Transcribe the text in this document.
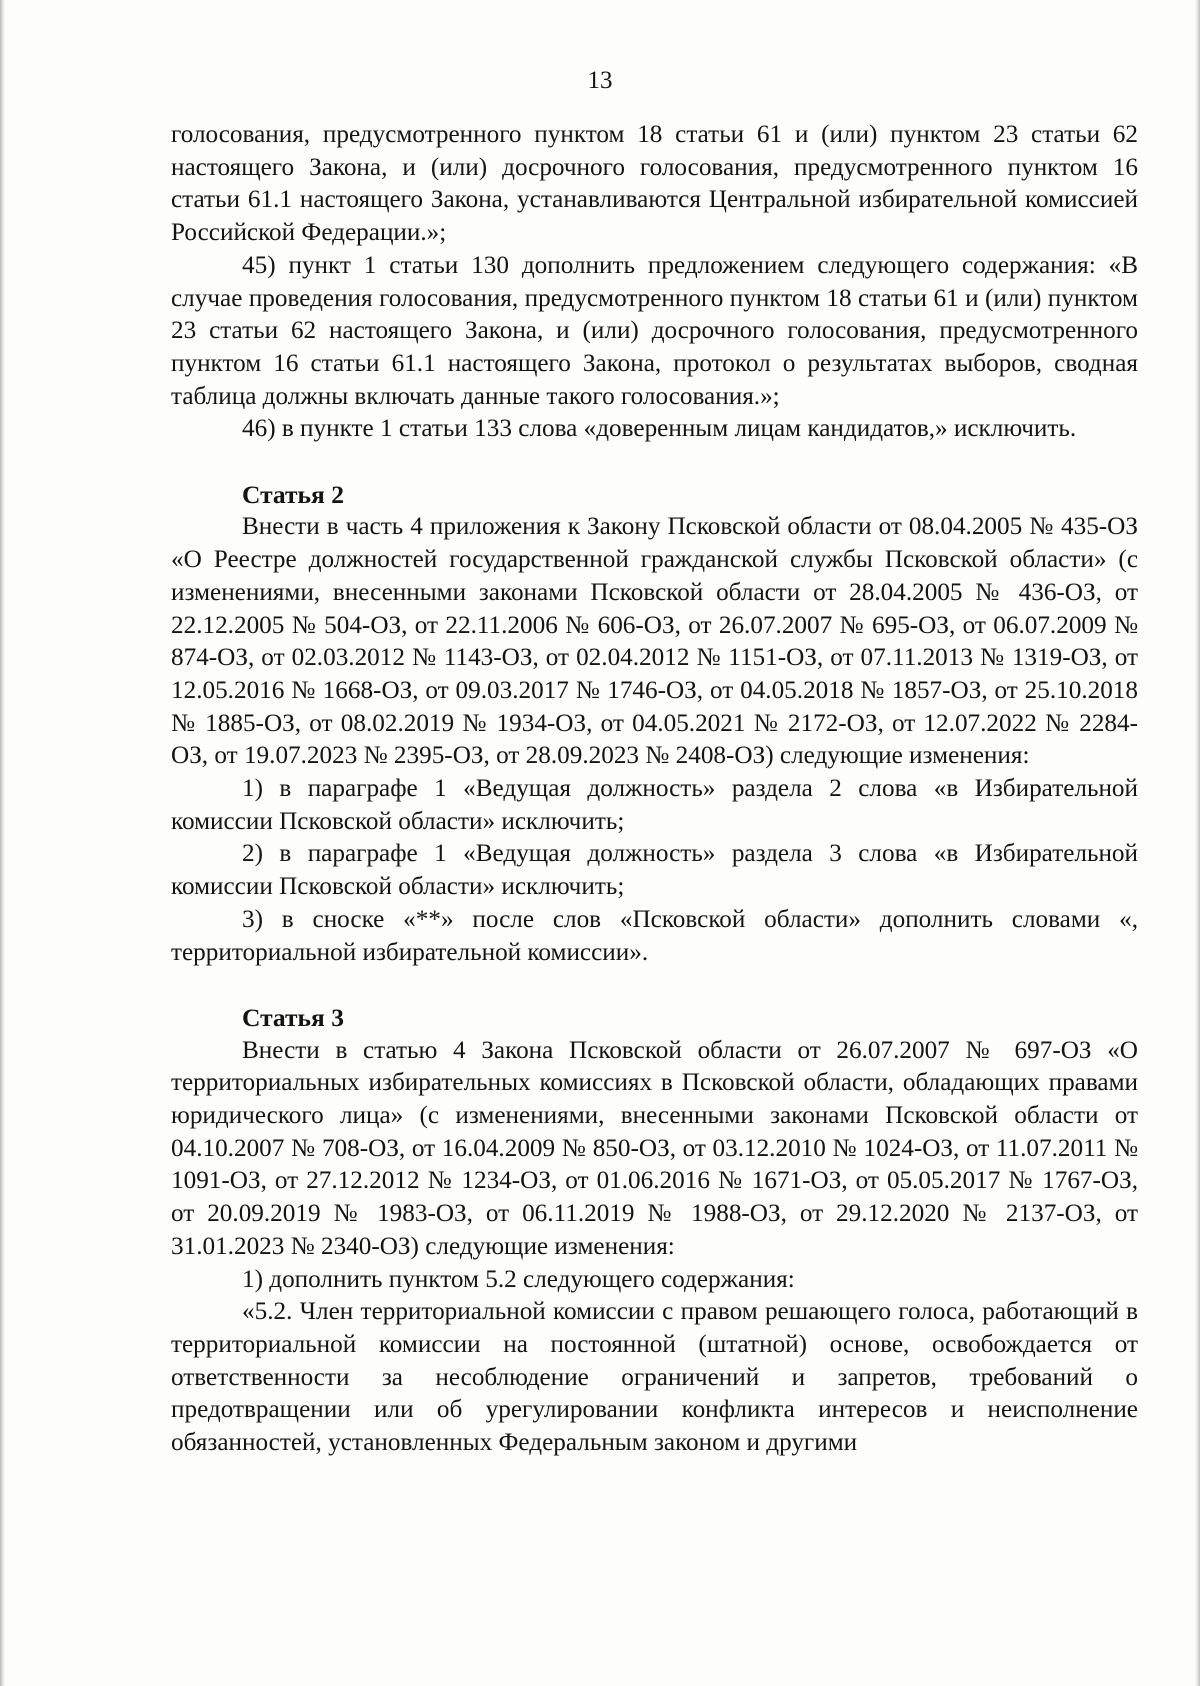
13

голосования, предусмотренного пунктом 18 статьи 61 и (или) пунктом 23 статьи 62 настоящего Закона, и (или) досрочного голосования, предусмотренного пунктом 16 статьи 61.1 настоящего Закона, устанавливаются Центральной избирательной комиссией Российской Федерации.»;

45) пункт 1 статьи 130 дополнить предложением следующего содержания: «В случае проведения голосования, предусмотренного пунктом 18 статьи 61 и (или) пунктом 23 статьи 62 настоящего Закона, и (или) досрочного голосования, предусмотренного пунктом 16 статьи 61.1 настоящего Закона, протокол о результатах выборов, сводная таблица должны включать данные такого голосования.»;

46) в пункте 1 статьи 133 слова «доверенным лицам кандидатов,» исключить.

Статья 2

Внести в часть 4 приложения к Закону Псковской области от 08.04.2005 № 435-ОЗ «О Реестре должностей государственной гражданской службы Псковской области» (с изменениями, внесенными законами Псковской области от 28.04.2005 № 436-ОЗ, от 22.12.2005 № 504-ОЗ, от 22.11.2006 № 606-ОЗ, от 26.07.2007 № 695-ОЗ, от 06.07.2009 № 874-ОЗ, от 02.03.2012 № 1143-ОЗ, от 02.04.2012 № 1151-ОЗ, от 07.11.2013 № 1319-ОЗ, от 12.05.2016 № 1668-ОЗ, от 09.03.2017 № 1746-ОЗ, от 04.05.2018 № 1857-ОЗ, от 25.10.2018 № 1885-ОЗ, от 08.02.2019 № 1934-ОЗ, от 04.05.2021 № 2172-ОЗ, от 12.07.2022 № 2284-ОЗ, от 19.07.2023 № 2395-ОЗ, от 28.09.2023 № 2408-ОЗ) следующие изменения:

1) в параграфе 1 «Ведущая должность» раздела 2 слова «в Избирательной комиссии Псковской области» исключить;

2) в параграфе 1 «Ведущая должность» раздела 3 слова «в Избирательной комиссии Псковской области» исключить;

3) в сноске «**» после слов «Псковской области» дополнить словами «, территориальной избирательной комиссии».

Статья 3

Внести в статью 4 Закона Псковской области от 26.07.2007 № 697-ОЗ «О территориальных избирательных комиссиях в Псковской области, обладающих правами юридического лица» (с изменениями, внесенными законами Псковской области от 04.10.2007 № 708-ОЗ, от 16.04.2009 № 850-ОЗ, от 03.12.2010 № 1024-ОЗ, от 11.07.2011 № 1091-ОЗ, от 27.12.2012 № 1234-ОЗ, от 01.06.2016 № 1671-ОЗ, от 05.05.2017 № 1767-ОЗ, от 20.09.2019 № 1983-ОЗ, от 06.11.2019 № 1988-ОЗ, от 29.12.2020 № 2137-ОЗ, от 31.01.2023 № 2340-ОЗ) следующие изменения:

1) дополнить пунктом 5.2 следующего содержания:

«5.2. Член территориальной комиссии с правом решающего голоса, работающий в территориальной комиссии на постоянной (штатной) основе, освобождается от ответственности за несоблюдение ограничений и запретов, требований о предотвращении или об урегулировании конфликта интересов и неисполнение обязанностей, установленных Федеральным законом и другими
